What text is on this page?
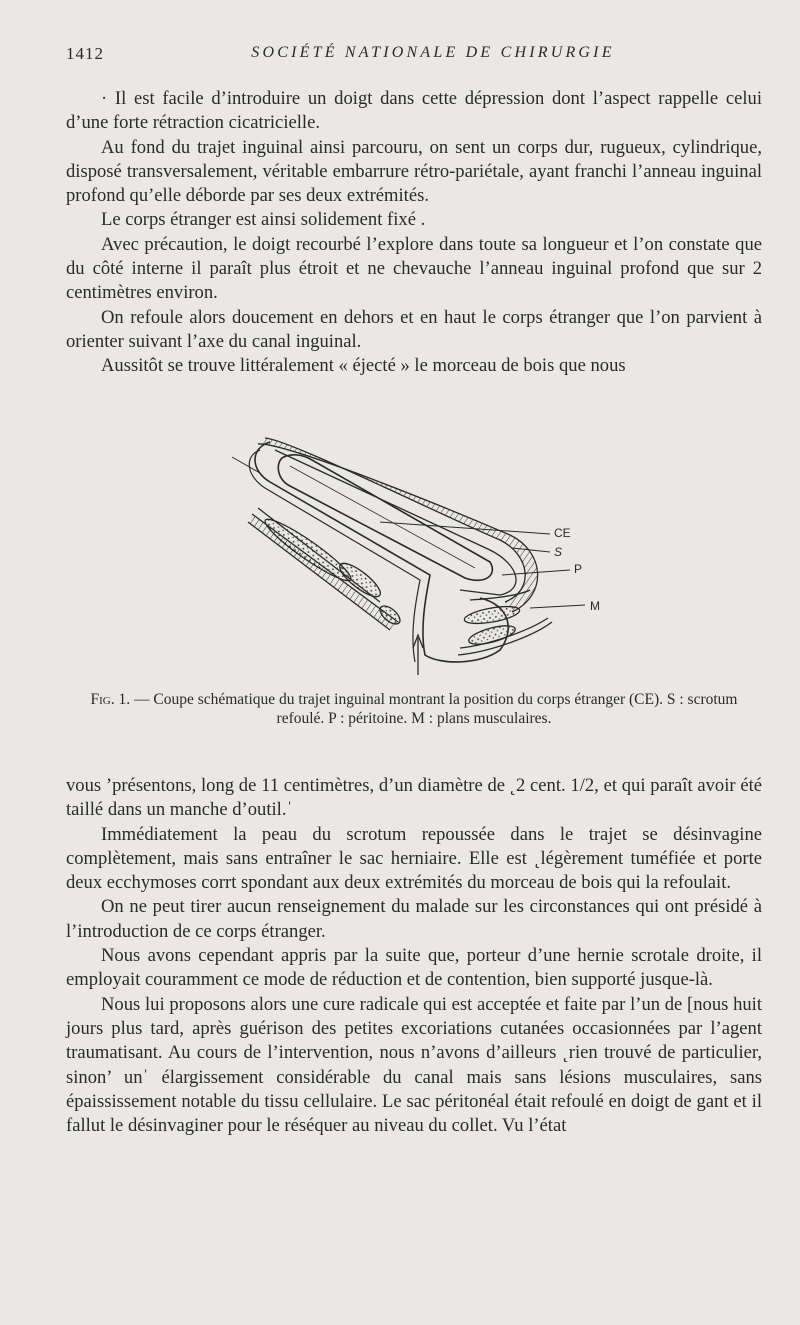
1412	SOCIÉTÉ NATIONALE DE CHIRURGIE

· Il est facile d’introduire un doigt dans cette dépression dont l’aspect rappelle celui d’une forte rétraction cicatricielle.

Au fond du trajet inguinal ainsi parcouru, on sent un corps dur, rugueux, cylindrique, disposé transversalement, véritable embarrure rétro-pariétale, ayant franchi l’anneau inguinal profond qu’elle déborde par ses deux extrémités.

Le corps étranger est ainsi solidement fixé .

Avec précaution, le doigt recourbé l’explore dans toute sa longueur et l’on constate que du côté interne il paraît plus étroit et ne chevauche l’anneau inguinal profond que sur 2 centimètres environ.

On refoule alors doucement en dehors et en haut le corps étranger que l’on parvient à orienter suivant l’axe du canal inguinal.

Aussitôt se trouve littéralement « éjecté » le morceau de bois que nous

CE
S
P
M
Fig. 1. — Coupe schématique du trajet inguinal montrant la position du corps étranger (CE). S : scrotum refoulé. P : péritoine. M : plans musculaires.

vous ’présentons, long de 11 centimètres, d’un diamètre de ˛2 cent. 1/2, et qui paraît avoir été taillé dans un manche d’outil.ˈ

Immédiatement la peau du scrotum repoussée dans le trajet se désinvagine complètement, mais sans entraîner le sac herniaire. Elle est ˛légèrement tuméfiée et porte deux ecchymoses corrt spondant aux deux extrémités du morceau de bois qui la refoulait.

On ne peut tirer aucun renseignement du malade sur les circonstances qui ont présidé à l’introduction de ce corps étranger.

Nous avons cependant appris par la suite que, porteur d’une hernie scrotale droite, il employait couramment ce mode de réduction et de contention, bien supporté jusque-là.

Nous lui proposons alors une cure radicale qui est acceptée et faite par l’un de [nous huit jours plus tard, après guérison des petites excoriations cutanées occasionnées par l’agent traumatisant. Au cours de l’intervention, nous n’avons d’ailleurs ˛rien trouvé de particulier, sinon’ unˈ élargissement considérable du canal mais sans lésions musculaires, sans épaississement notable du tissu cellulaire. Le sac péritonéal était refoulé en doigt de gant et il fallut le désinvaginer pour le réséquer au niveau du collet. Vu l’état
